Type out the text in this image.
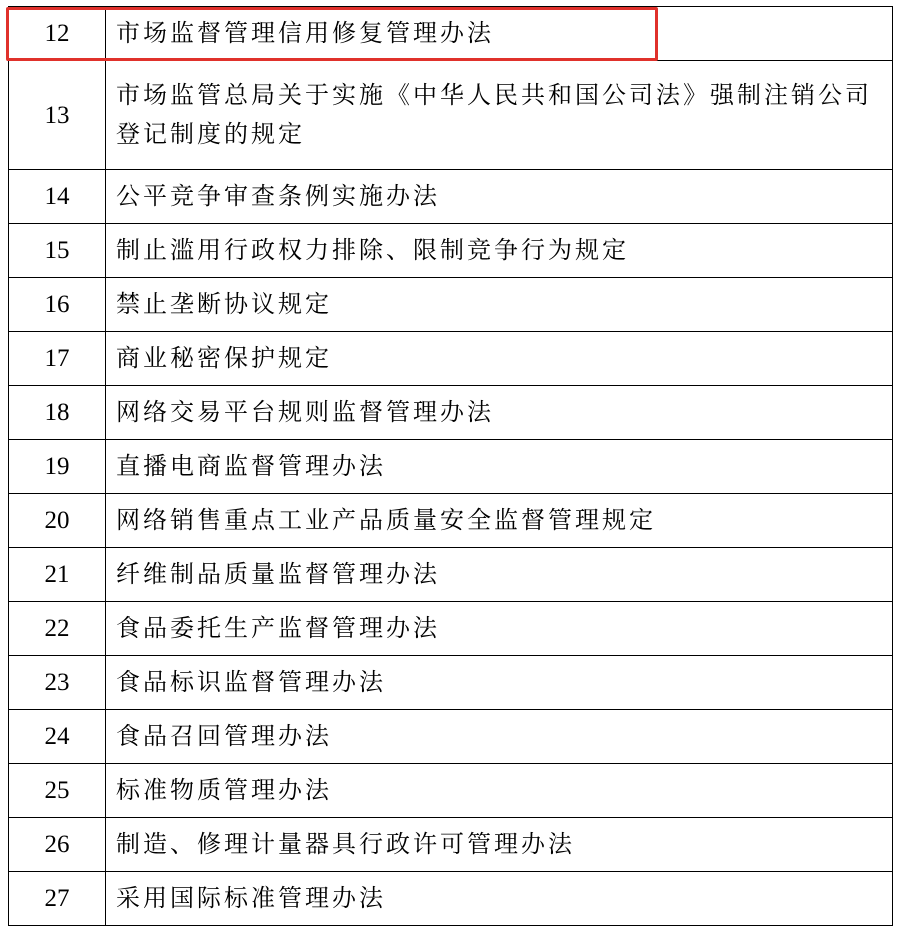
12	市场监督管理信用修复管理办法
13	市场监管总局关于实施《中华人民共和国公司法》强制注销公司登记制度的规定
14	公平竞争审查条例实施办法
15	制止滥用行政权力排除、限制竞争行为规定
16	禁止垄断协议规定
17	商业秘密保护规定
18	网络交易平台规则监督管理办法
19	直播电商监督管理办法
20	网络销售重点工业产品质量安全监督管理规定
21	纤维制品质量监督管理办法
22	食品委托生产监督管理办法
23	食品标识监督管理办法
24	食品召回管理办法
25	标准物质管理办法
26	制造、修理计量器具行政许可管理办法
27	采用国际标准管理办法
